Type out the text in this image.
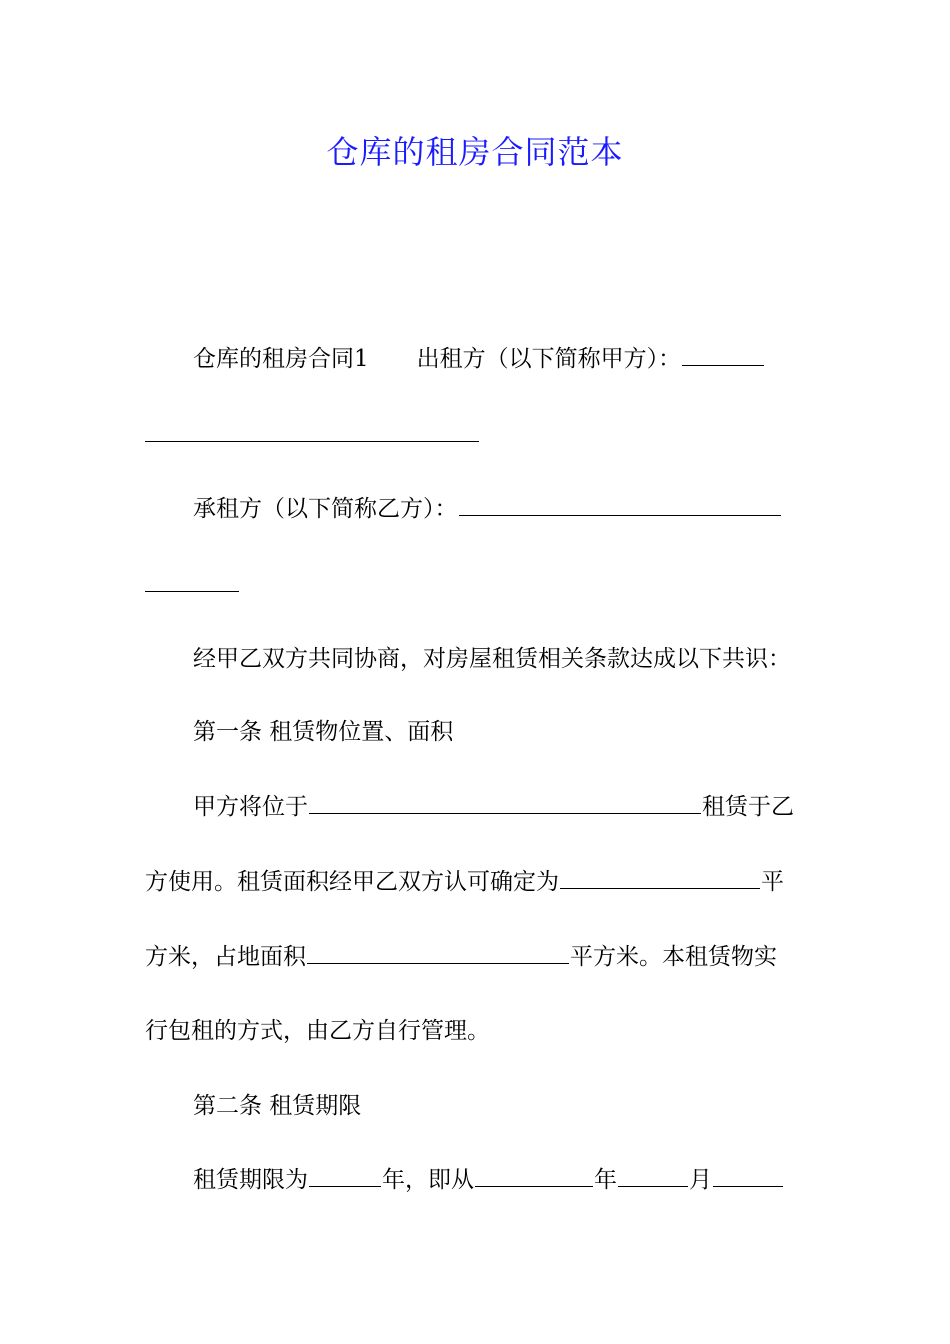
仓库的租房合同范本
仓库的租房合同1 出租方（以下简称甲方）：
承租方（以下简称乙方）：
经甲乙双方共同协商，对房屋租赁相关条款达成以下共识：
第一条 租赁物位置、面积
甲方将位于	租赁于乙
方使用。租赁面积经甲乙双方认可确定为	平
方米，占地面积	平方米。本租赁物实
行包租的方式，由乙方自行管理。
第二条 租赁期限
租赁期限为	年，即从	年	月
